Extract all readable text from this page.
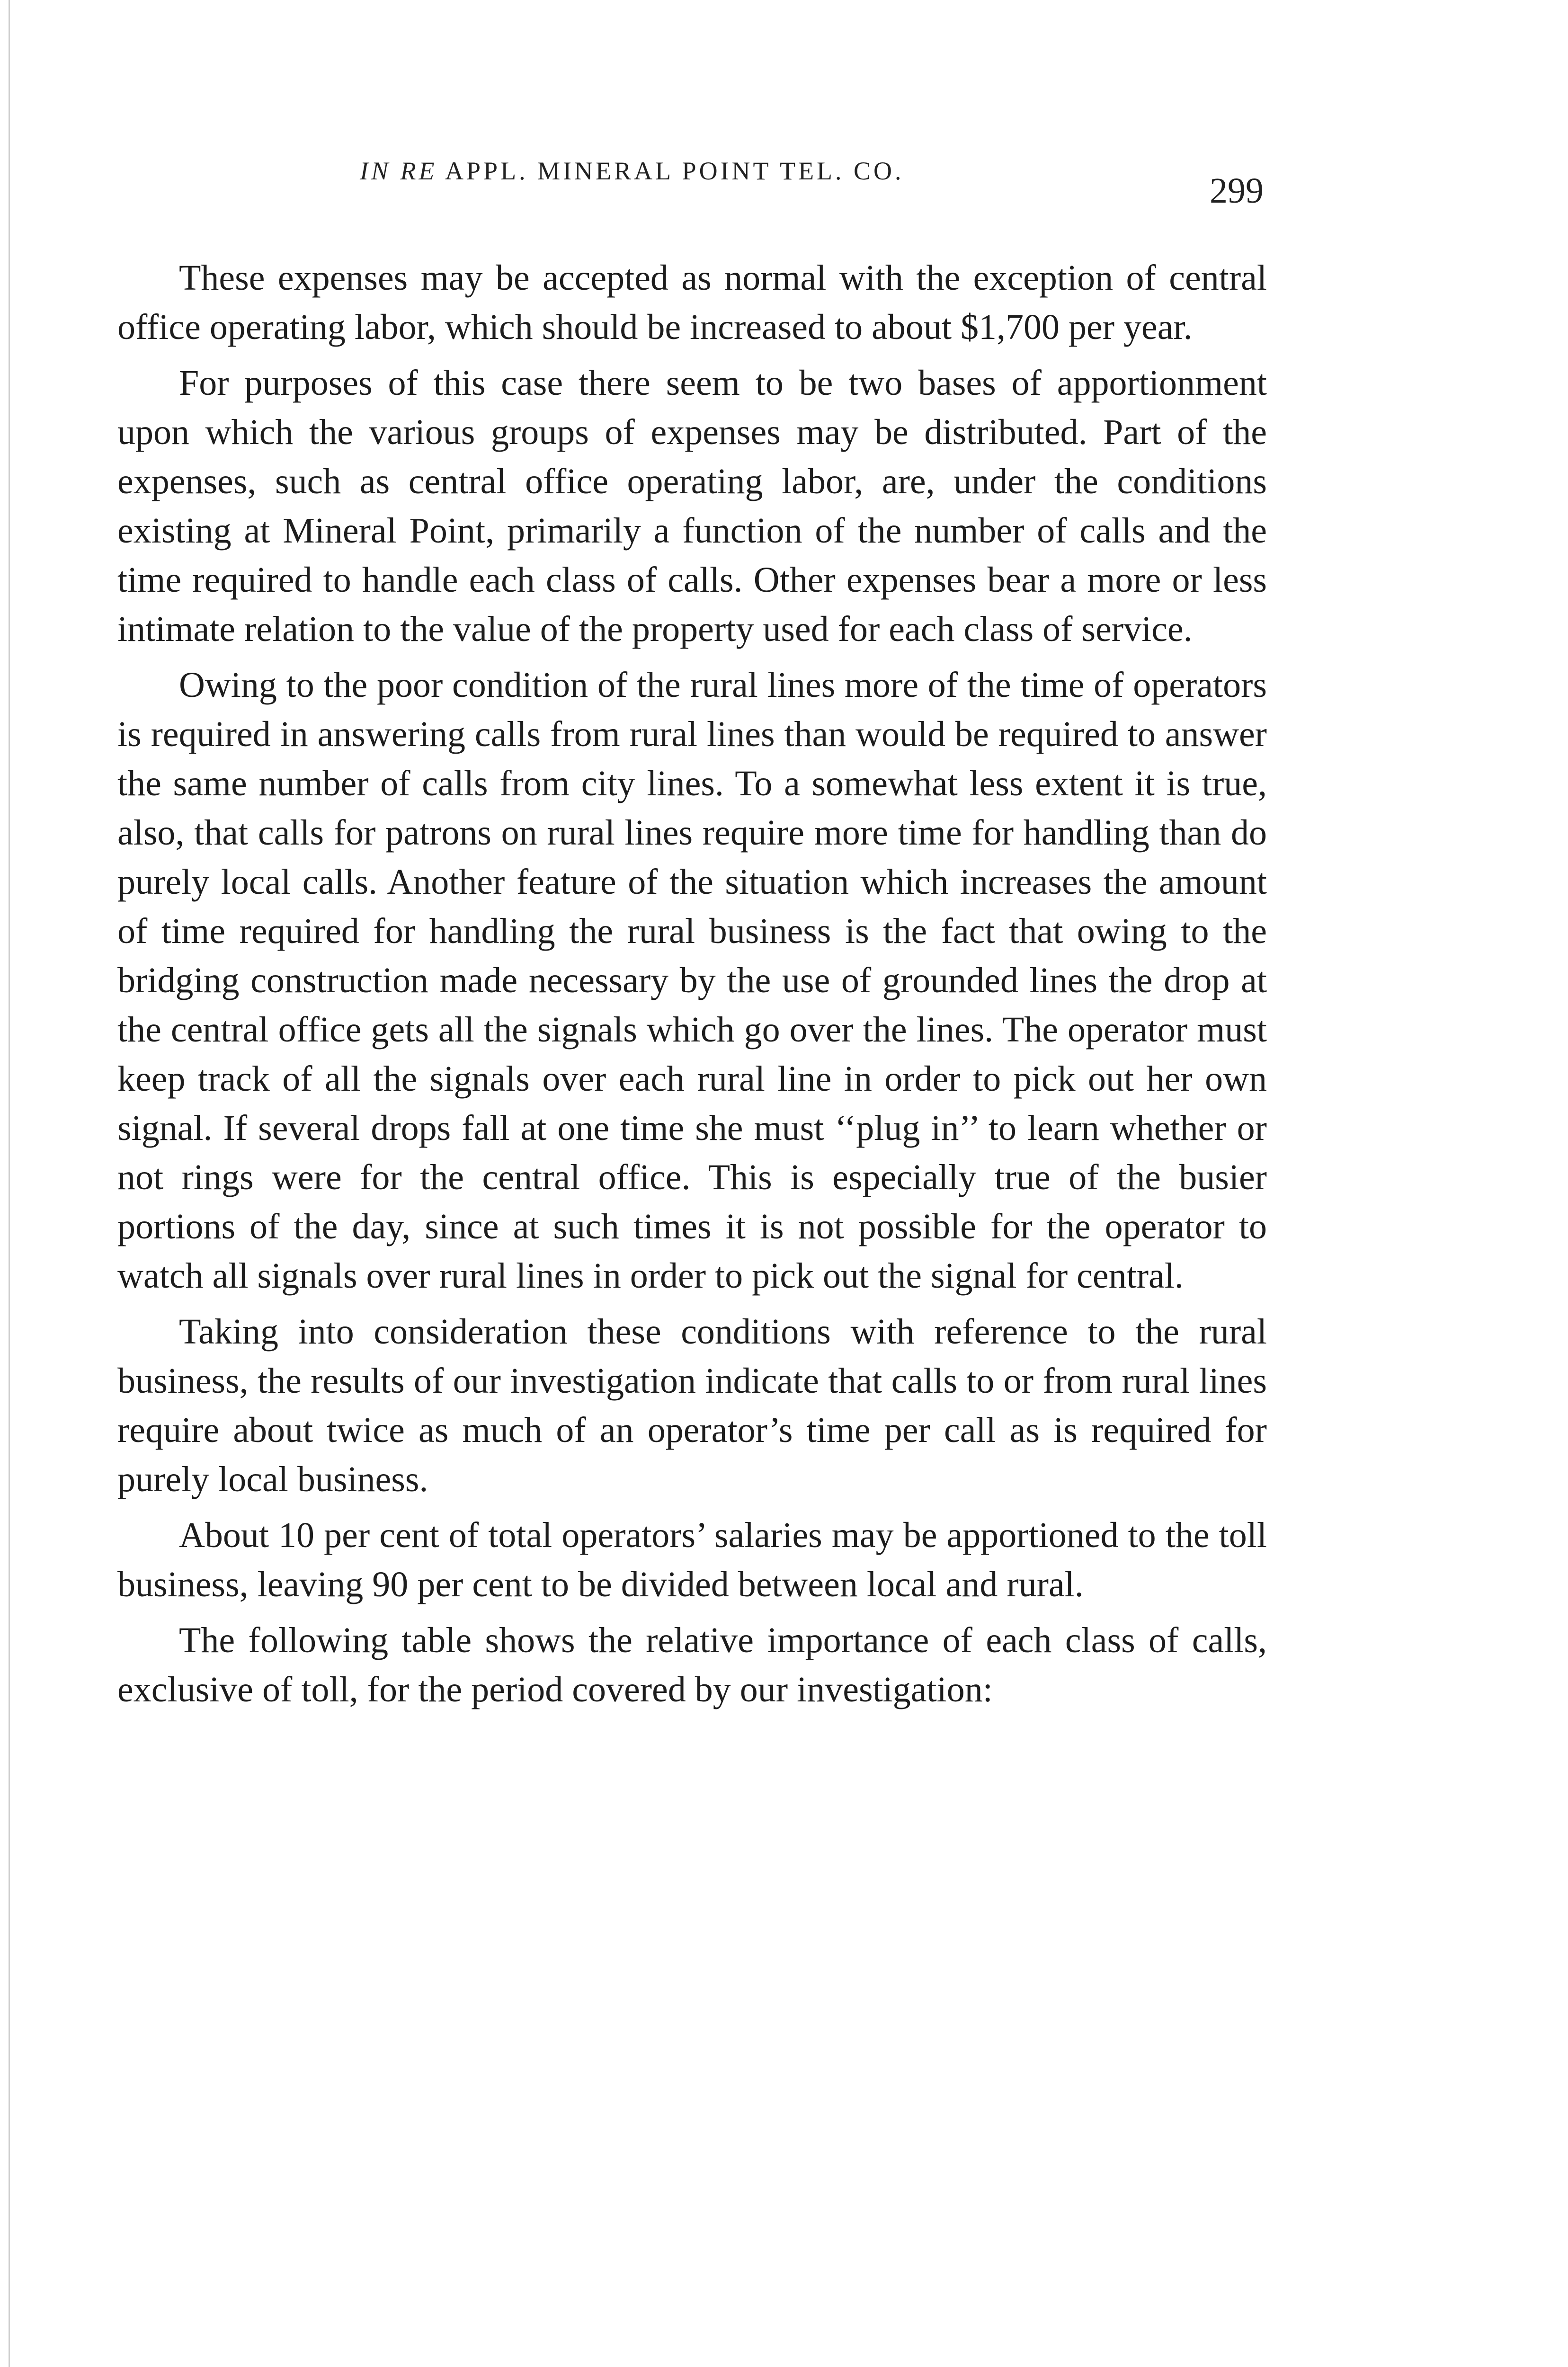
IN RE APPL. MINERAL POINT TEL. CO.	299

These expenses may be accepted as normal with the exception of central office operating labor, which should be increased to about $1,700 per year.

For purposes of this case there seem to be two bases of apportionment upon which the various groups of expenses may be distributed. Part of the expenses, such as central office operating labor, are, under the conditions existing at Mineral Point, primarily a function of the number of calls and the time required to handle each class of calls. Other expenses bear a more or less intimate relation to the value of the property used for each class of service.

Owing to the poor condition of the rural lines more of the time of operators is required in answering calls from rural lines than would be required to answer the same number of calls from city lines. To a somewhat less extent it is true, also, that calls for patrons on rural lines require more time for handling than do purely local calls. Another feature of the situation which increases the amount of time required for handling the rural business is the fact that owing to the bridging construction made necessary by the use of grounded lines the drop at the central office gets all the signals which go over the lines. The operator must keep track of all the signals over each rural line in order to pick out her own signal. If several drops fall at one time she must ‘‘plug in’’ to learn whether or not rings were for the central office. This is especially true of the busier portions of the day, since at such times it is not possible for the operator to watch all signals over rural lines in order to pick out the signal for central.

Taking into consideration these conditions with reference to the rural business, the results of our investigation indicate that calls to or from rural lines require about twice as much of an operator’s time per call as is required for purely local business.

About 10 per cent of total operators’ salaries may be apportioned to the toll business, leaving 90 per cent to be divided between local and rural.

The following table shows the relative importance of each class of calls, exclusive of toll, for the period covered by our investigation:
